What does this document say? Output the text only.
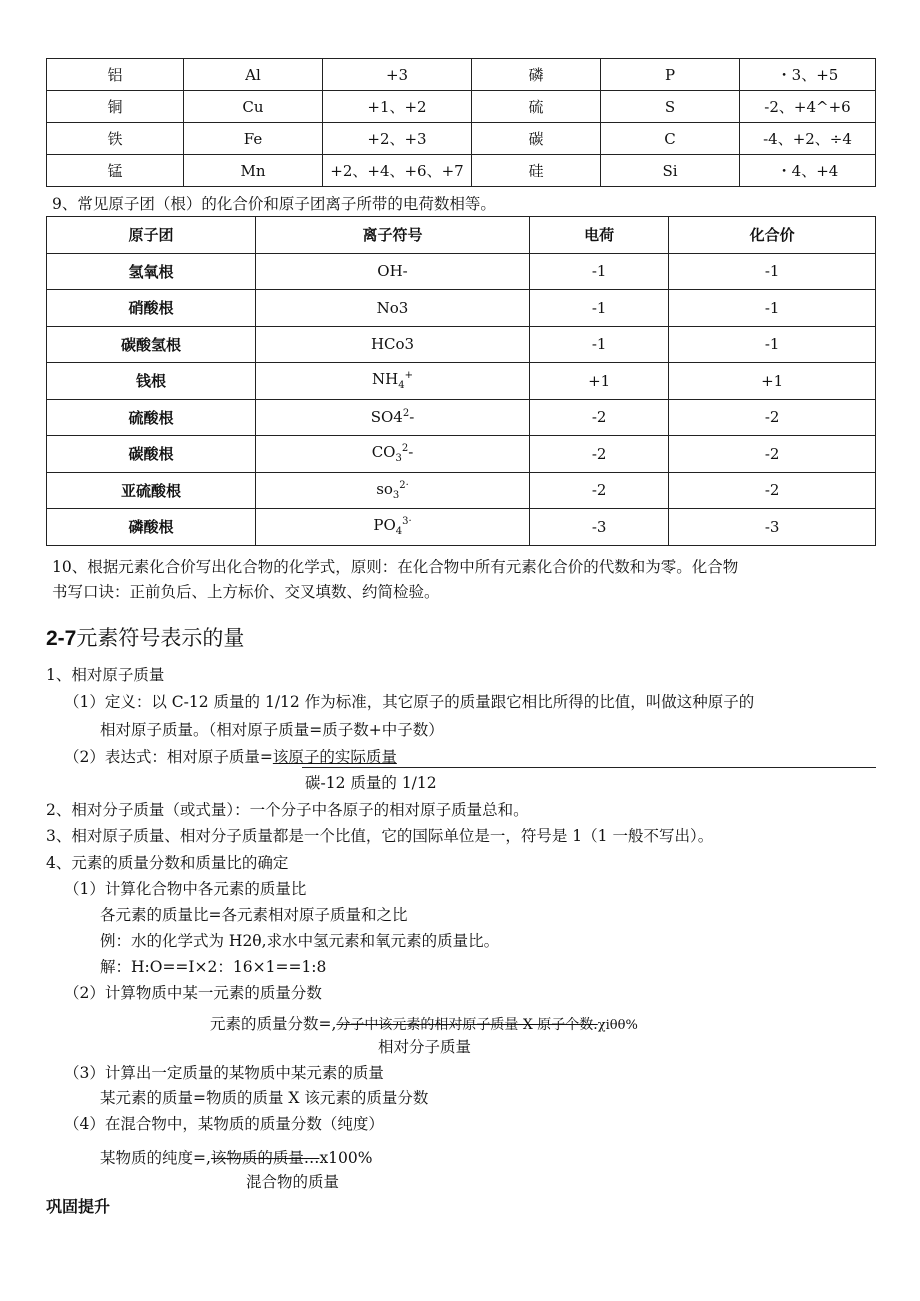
铝	Al	+3	磷	P	・3、+5
铜	Cu	+1、+2	硫	S	-2、+4^+6
铁	Fe	+2、+3	碳	C	-4、+2、÷4
锰	Mn	+2、+4、+6、+7	硅	Si	・4、+4
9、常见原子团（根）的化合价和原子团离子所带的电荷数相等。
原子团	离子符号	电荷	化合价
氢氧根	OH-	-1	-1
硝酸根	No3	-1	-1
碳酸氢根	HCo3	-1	-1
钱根	$NH_4^+$	+1	+1
硫酸根	$SO4^2-$	-2	-2
碳酸根	$CO_3^2-$	-2	-2
亚硫酸根	$so_3^{2\cdot}$	-2	-2
磷酸根	$PO_4^{3\cdot}$	-3	-3
10、根据元素化合价写出化合物的化学式，原则：在化合物中所有元素化合价的代数和为零。化合物
书写口诀：正前负后、上方标价、交叉填数、约简检验。
2-7元素符号表示的量
1、相对原子质量
（1）定义：以 C-12 质量的 1/12 作为标准，其它原子的质量跟它相比所得的比值，叫做这种原子的
相对原子质量。（相对原子质量=质子数+中子数）
（2）表达式：相对原子质量=该原子的实际质量
碳-12 质量的 1/12
2、相对分子质量（或式量）：一个分子中各原子的相对原子质量总和。
3、相对原子质量、相对分子质量都是一个比值，它的国际单位是一，符号是 1（1 一般不写出）。
4、元素的质量分数和质量比的确定
（1）计算化合物中各元素的质量比
各元素的质量比=各元素相对原子质量和之比
例：水的化学式为 H2θ,求水中氢元素和氧元素的质量比。
解：H:O==I×2：16×1==1:8
（2）计算物质中某一元素的质量分数
元素的质量分数=,分子中该元素的相对原子质量 X 原子个数.χiθθ%
相对分子质量
（3）计算出一定质量的某物质中某元素的质量
某元素的质量=物质的质量 X 该元素的质量分数
（4）在混合物中，某物质的质量分数（纯度）
某物质的纯度=,该物质的质量…x100%
混合物的质量
巩固提升
